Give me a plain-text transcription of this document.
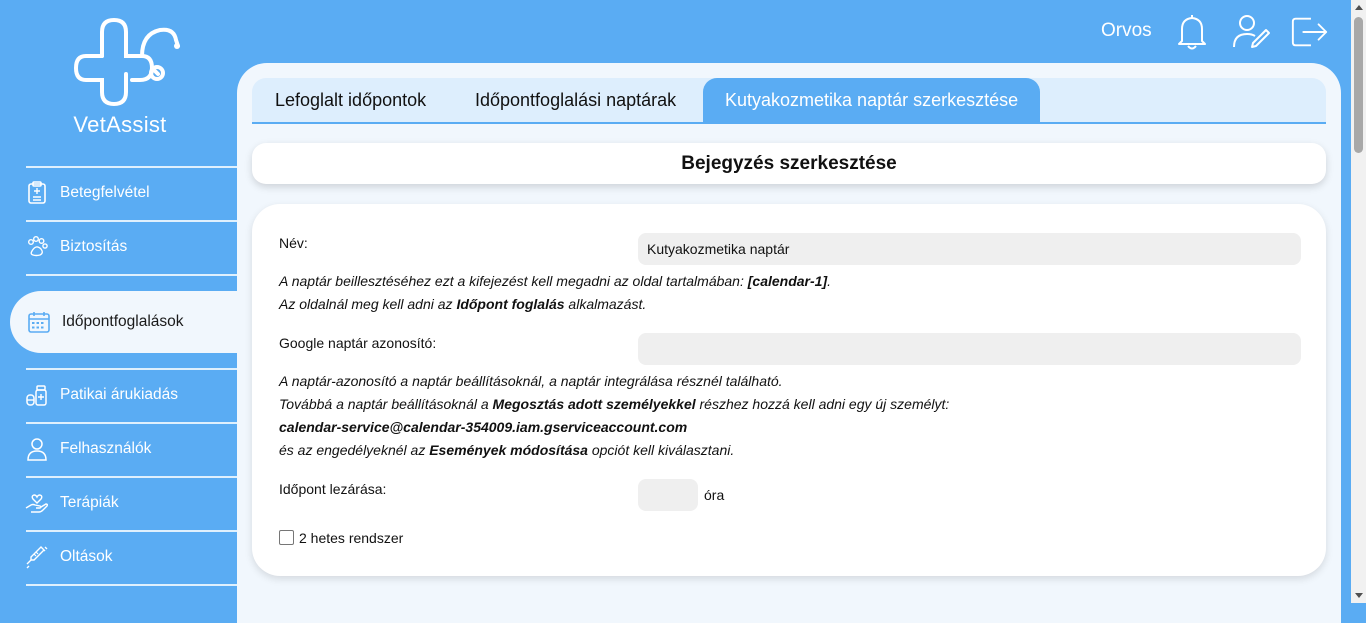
VetAssist
Betegfelvétel
Biztosítás
Időpontfoglalások
Patikai árukiadás
Felhasználók
Terápiák
Oltások
Orvos
Lefoglalt időpontok	Időpontfoglalási naptárak	Kutyakozmetika naptár szerkesztése
Bejegyzés szerkesztése
Név:
Kutyakozmetika naptár
A naptár beillesztéséhez ezt a kifejezést kell megadni az oldal tartalmában: [calendar-1].
Az oldalnál meg kell adni az Időpont foglalás alkalmazást.
Google naptár azonosító:
A naptár-azonosító a naptár beállításoknál, a naptár integrálása résznél található.
Továbbá a naptár beállításoknál a Megosztás adott személyekkel részhez hozzá kell adni egy új személyt:
calendar-service@calendar-354009.iam.gserviceaccount.com
és az engedélyeknél az Események módosítása opciót kell kiválasztani.
Időpont lezárása:	óra
2 hetes rendszer
